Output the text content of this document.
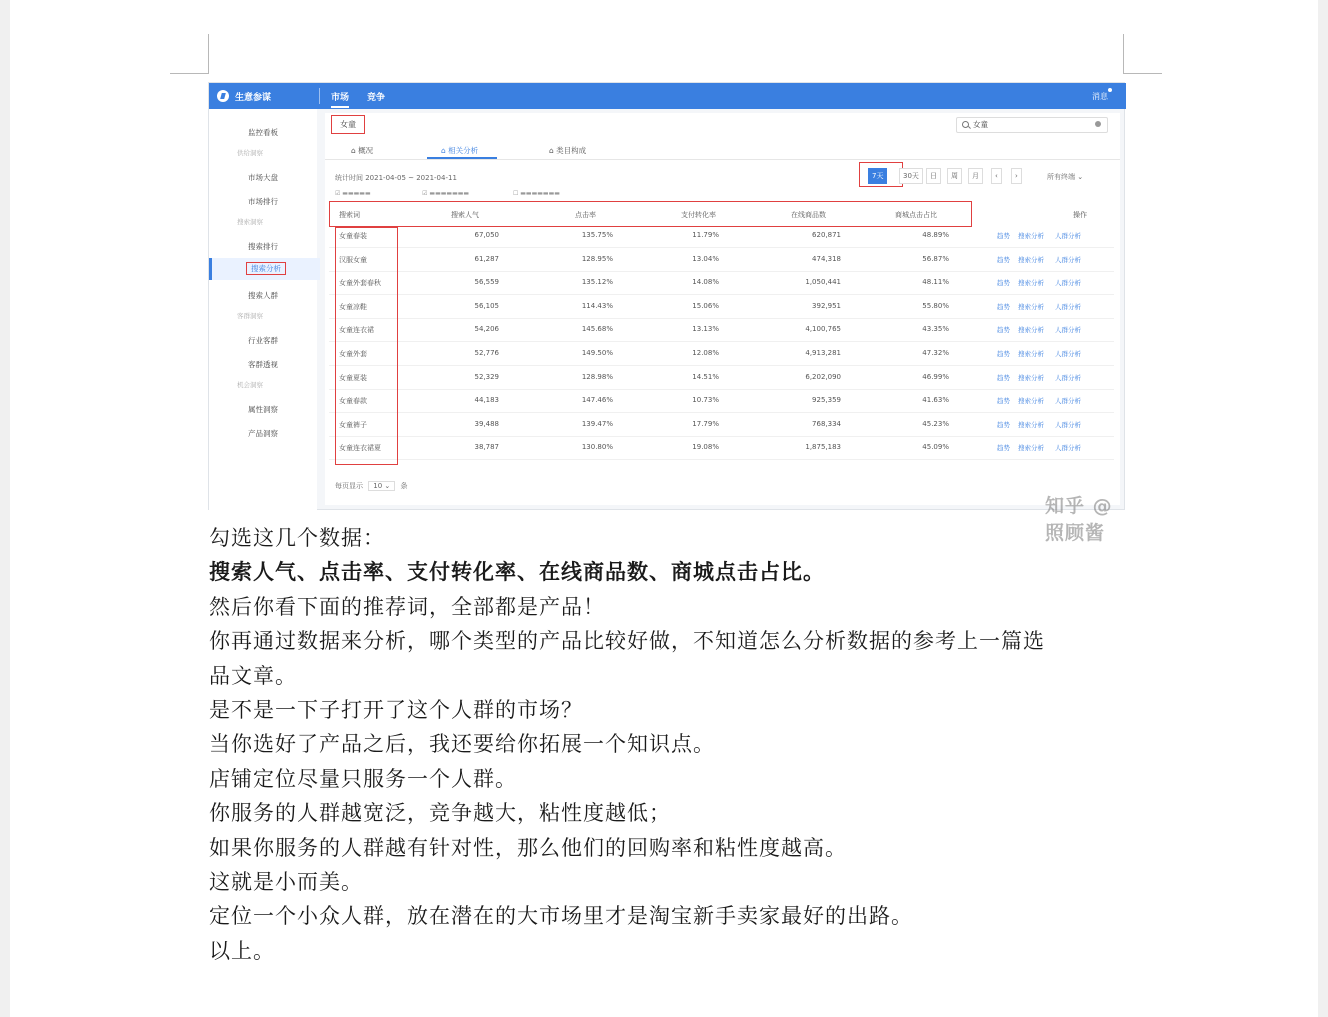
生意参谋	市场 竞争	消息
监控看板
供给洞察
市场大盘
市场排行
搜索洞察
搜索排行
搜索分析
搜索人群
客群洞察
行业客群
客群透视
机会洞察
属性洞察
产品洞察
女童	女童
⌂ 概况	⌂ 相关分析	⌂ 类目构成
统计时间 2021-04-05 ~ 2021-04-11	7天	30天	日	周	月	‹	›	所有终端 ⌄
☑ ▬▬▬▬▬                           ☑ ▬▬▬▬▬▬▬                       ☐ ▬▬▬▬▬▬▬
搜索词	搜索人气	点击率	支付转化率	在线商品数	商城点击占比	操作
女童春装	67,050	135.75%	11.79%	620,871	48.89%	趋势 搜索分析 人群分析
汉服女童	61,287	128.95%	13.04%	474,318	56.87%	趋势 搜索分析 人群分析
女童外套春秋	56,559	135.12%	14.08%	1,050,441	48.11%	趋势 搜索分析 人群分析
女童凉鞋	56,105	114.43%	15.06%	392,951	55.80%	趋势 搜索分析 人群分析
女童连衣裙	54,206	145.68%	13.13%	4,100,765	43.35%	趋势 搜索分析 人群分析
女童外套	52,776	149.50%	12.08%	4,913,281	47.32%	趋势 搜索分析 人群分析
女童夏装	52,329	128.98%	14.51%	6,202,090	46.99%	趋势 搜索分析 人群分析
女童春款	44,183	147.46%	10.73%	925,359	41.63%	趋势 搜索分析 人群分析
女童裤子	39,488	139.47%	17.79%	768,334	45.23%	趋势 搜索分析 人群分析
女童连衣裙夏	38,787	130.80%	19.08%	1,875,183	45.09%	趋势 搜索分析 人群分析
每页显示 10 ⌄ 条
知乎 @照顾酱

勾选这几个数据：

搜索人气、点击率、支付转化率、在线商品数、商城点击占比。

然后你看下面的推荐词，全部都是产品！

你再通过数据来分析，哪个类型的产品比较好做，不知道怎么分析数据的参考上一篇选

品文章。

是不是一下子打开了这个人群的市场？

当你选好了产品之后，我还要给你拓展一个知识点。

店铺定位尽量只服务一个人群。

你服务的人群越宽泛，竞争越大，粘性度越低；

如果你服务的人群越有针对性，那么他们的回购率和粘性度越高。

这就是小而美。

定位一个小众人群，放在潜在的大市场里才是淘宝新手卖家最好的出路。

以上。
